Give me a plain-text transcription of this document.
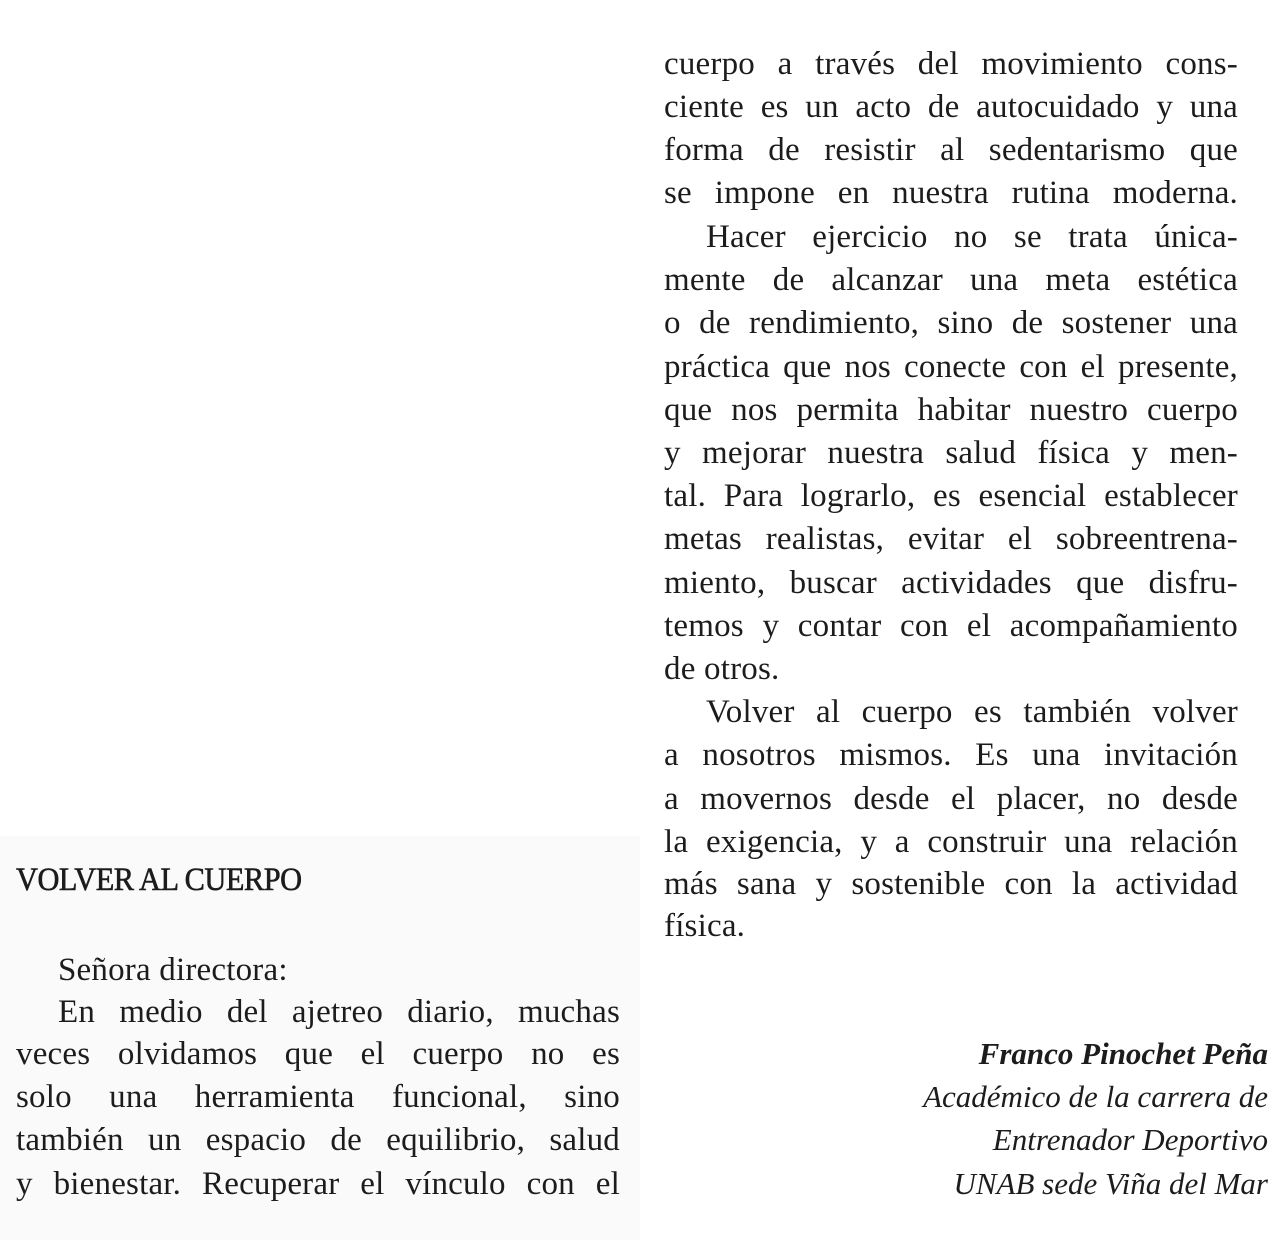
VOLVER AL CUERPO
Señora directora:
En medio del ajetreo diario, muchas
veces olvidamos que el cuerpo no es
solo una herramienta funcional, sino
también un espacio de equilibrio, salud
y bienestar. Recuperar el vínculo con el
cuerpo a través del movimiento cons-
ciente es un acto de autocuidado y una
forma de resistir al sedentarismo que
se impone en nuestra rutina moderna.
Hacer ejercicio no se trata única-
mente de alcanzar una meta estética
o de rendimiento, sino de sostener una
práctica que nos conecte con el presente,
que nos permita habitar nuestro cuerpo
y mejorar nuestra salud física y men-
tal. Para lograrlo, es esencial establecer
metas realistas, evitar el sobreentrena-
miento, buscar actividades que disfru-
temos y contar con el acompañamiento
de otros.
Volver al cuerpo es también volver
a nosotros mismos. Es una invitación
a movernos desde el placer, no desde
la exigencia, y a construir una relación
más sana y sostenible con la actividad
física.
Franco Pinochet Peña
Académico de la carrera de
Entrenador Deportivo
UNAB sede Viña del Mar
